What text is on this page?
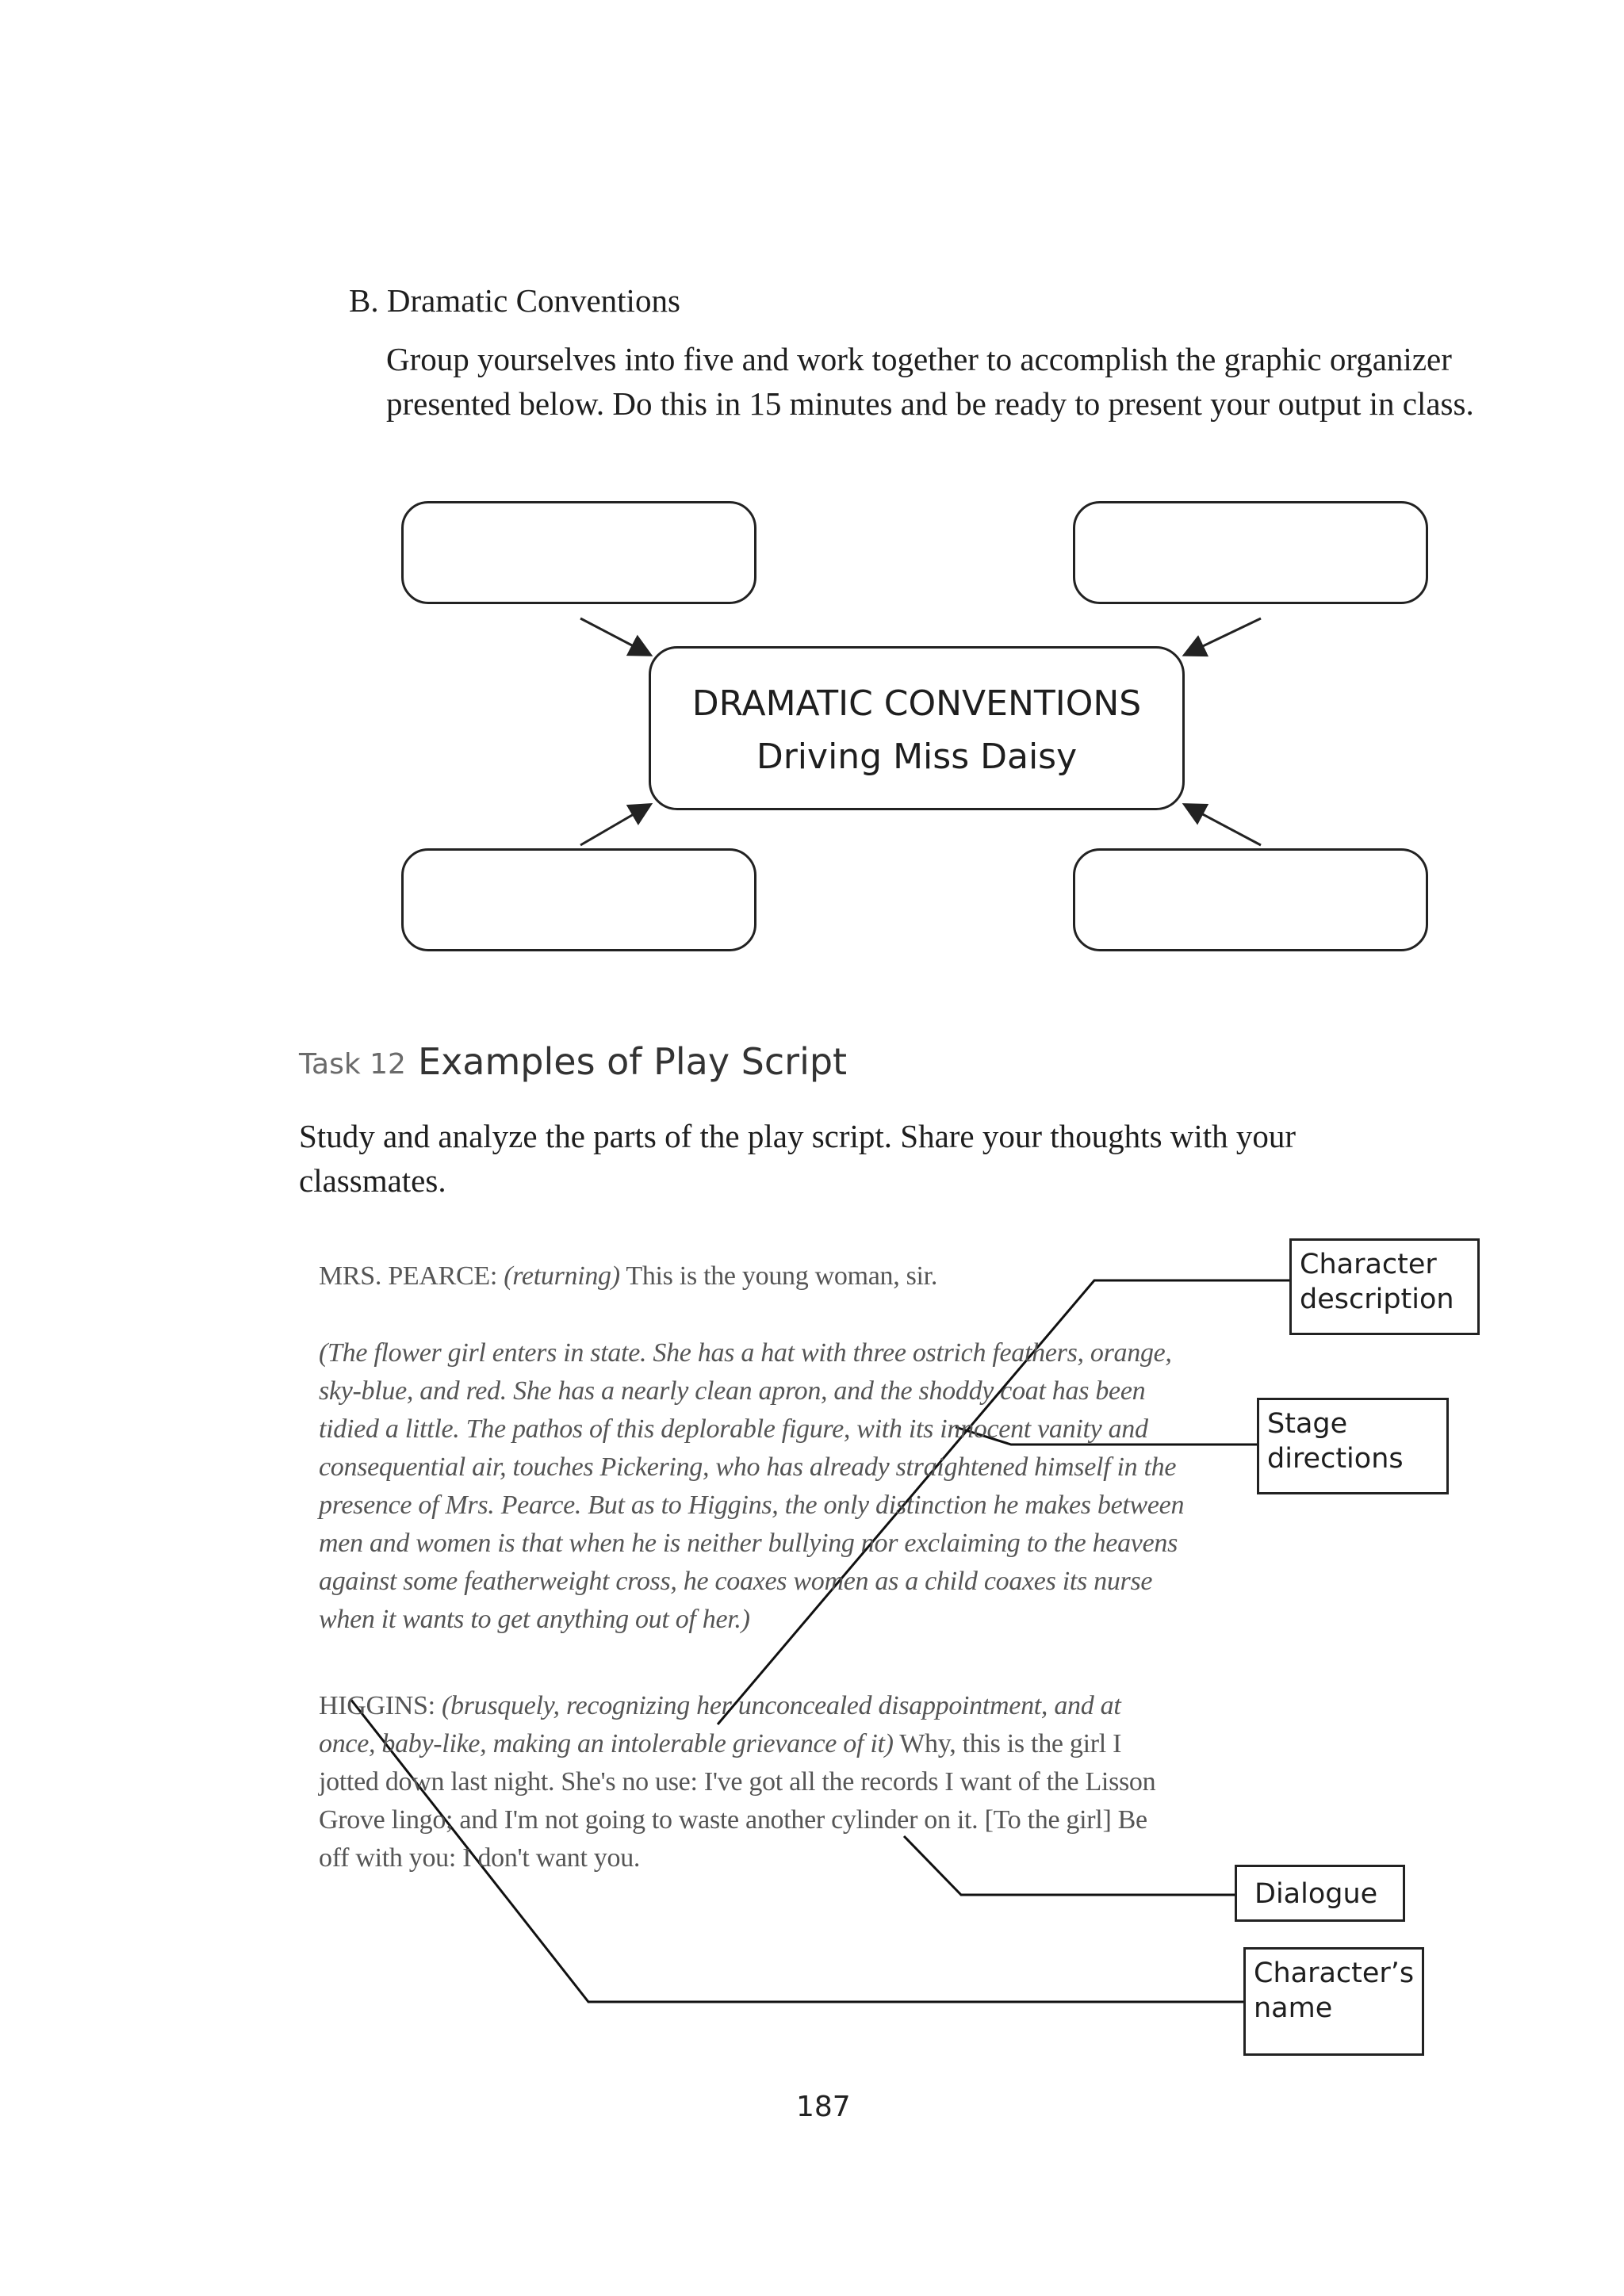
B. Dramatic Conventions
Group yourselves into five and work together to accomplish the graphic organizer presented below. Do this in 15 minutes and be ready to present your output in class.
DRAMATIC CONVENTIONS
Driving Miss Daisy
Task 12 Examples of Play Script
Study and analyze the parts of the play script. Share your thoughts with your classmates.
MRS. PEARCE: (returning) This is the young woman, sir.
(The flower girl enters in state. She has a hat with three ostrich feathers, orange, sky-blue, and red. She has a nearly clean apron, and the shoddy coat has been tidied a little. The pathos of this deplorable figure, with its innocent vanity and consequential air, touches Pickering, who has already straightened himself in the presence of Mrs. Pearce. But as to Higgins, the only distinction he makes between men and women is that when he is neither bullying nor exclaiming to the heavens against some featherweight cross, he coaxes women as a child coaxes its nurse when it wants to get anything out of her.)
HIGGINS: (brusquely, recognizing her unconcealed disappointment, and at once, baby-like, making an intolerable grievance of it) Why, this is the girl I jotted down last night. She's no use: I've got all the records I want of the Lisson Grove lingo; and I'm not going to waste another cylinder on it. [To the girl] Be off with you: I don't want you.
Character description
Stage directions
Dialogue
Character’s name
187
